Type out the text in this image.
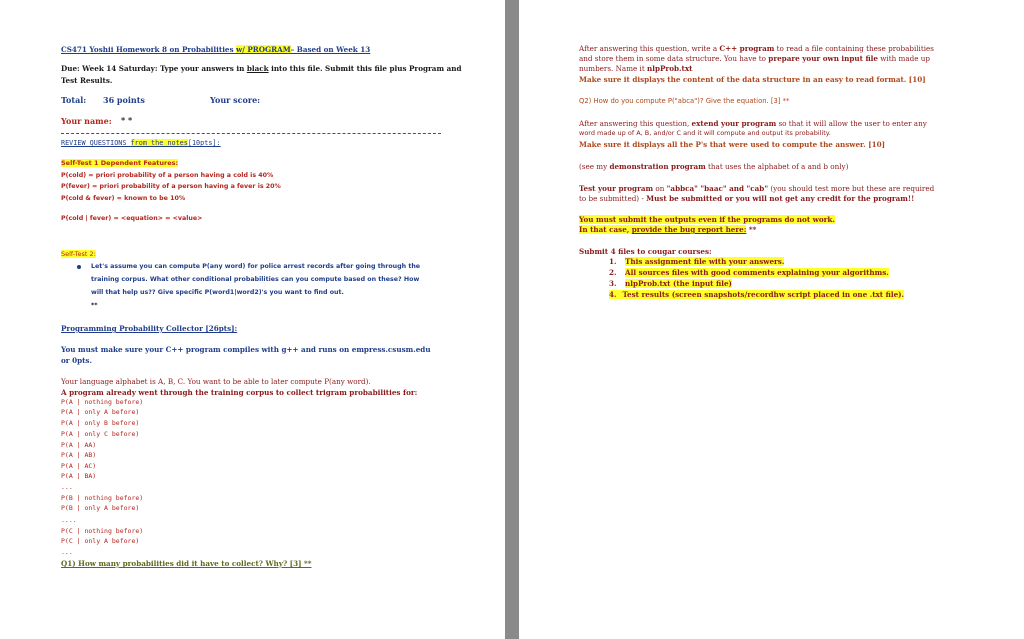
CS471 Yoshii Homework 8 on Probabilities w/ PROGRAM– Based on Week 13
Due: Week 14 Saturday: Type your answers in black into this file. Submit this file plus Program and
Test Results.
Total: 36 points	Your score:
Your name: * *
REVIEW QUESTIONS from the notes[10pts]:
Self-Test 1 Dependent Features:
P(cold) = priori probability of a person having a cold is 40%
P(fever) = priori probability of a person having a fever is 20%
P(cold & fever) = known to be 10%
P(cold | fever) = <equation> = <value>
Self-Test 2:
Let's assume you can compute P(any word) for police arrest records after going through the
training corpus. What other conditional probabilities can you compute based on these? How
will that help us?? Give specific P(word1|word2)'s you want to find out.
**
Programming Probability Collector [26pts]:
You must make sure your C++ program compiles with g++ and runs on empress.csusm.edu
or 0pts.
Your language alphabet is A, B, C. You want to be able to later compute P(any word).
A program already went through the training corpus to collect trigram probabilities for:
P(A | nothing before)
P(A | only A before)
P(A | only B before)
P(A | only C before)
P(A | AA)
P(A | AB)
P(A | AC)
P(A | BA)
...
P(B | nothing before)
P(B | only A before)
....
P(C | nothing before)
P(C | only A before)
...
Q1) How many probabilities did it have to collect? Why? [3] **
After answering this question, write a C++ program to read a file containing these probabilities
and store them in some data structure. You have to prepare your own input file with made up
numbers. Name it nlpProb.txt
Make sure it displays the content of the data structure in an easy to read format. [10]
Q2) How do you compute P("abca")? Give the equation. [3] **
After answering this question, extend your program so that it will allow the user to enter any
word made up of A, B, and/or C and it will compute and output its probability.
Make sure it displays all the P's that were used to compute the answer. [10]
(see my demonstration program that uses the alphabet of a and b only)
Test your program on "abbca" "baac" and "cab" (you should test more but these are required
to be submitted) - Must be submitted or you will not get any credit for the program!!
You must submit the outputs even if the programs do not work.
In that case, provide the bug report here: **
Submit 4 files to cougar courses:
1. This assignment file with your answers.
2. All sources files with good comments explaining your algorithms.
3. nlpProb.txt (the input file)
4. Test results (screen snapshots/recordhw script placed in one .txt file).
